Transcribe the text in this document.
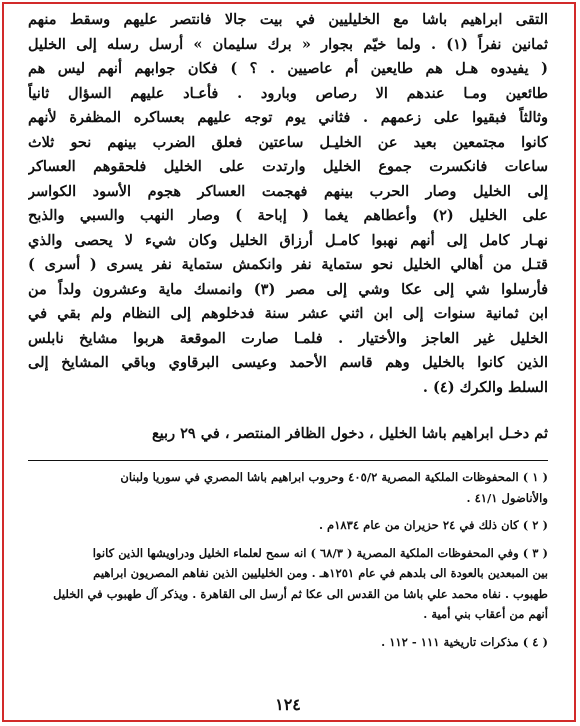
التقى ابراهيم باشا مع الخليليين في بيت جالا فانتصر عليهم وسقط منهم

ثمانين نفراً (١) . ولما خيّم بجوار « برك سليمان » أرسل رسله إلى الخليل

( يفيدوه هـل هم طايعين أم عاصيين . ؟ ) فكان جوابهم أنهم ليس هم

طائعين ومـا عندهم الا رصاص وبارود . فأعـاد عليهم السؤال ثانياً

وثالثاً فبقيوا على زعمهم . فثاني يوم توجه عليهم بعساكره المظفرة لأنهم

كانوا مجتمعين بعيد عن الخليـل ساعتين فعلق الضرب بينهم نحو ثلاث

ساعات فانكسرت جموع الخليل وارتدت على الخليل فلحقوهم العساكر

إلى الخليل وصار الحرب بينهم فهجمت العساكر هجوم الأسود الكواسر

على الخليل (٢) وأعطاهم يغما ( إباحة ) وصار النهب والسبي والذبح

نهـار كامل إلى أنهم نهبوا كامـل أرزاق الخليل وكان شيء لا يحصى والذي

قتـل من أهالي الخليل نحو ستماية نفر وانكمش ستماية نفر يسرى ( أسرى )

فأرسلوا شي إلى عكا وشي إلى مصر (٣) وانمسك ماية وعشرون ولداً من

ابن ثمانية سنوات إلى ابن اثني عشر سنة فدخلوهم إلى النظام ولم بقي في

الخليل غير العاجز والأختيار . فلمـا صارت الموقعة هربوا مشايخ نابلس

الذين كانوا بالخليل وهم قاسم الأحمد وعيسى البرقاوي وباقي المشايخ إلى

السلط والكرك (٤) .

ثم دخـل ابراهيم باشا الخليل ، دخول الظافر المنتصر ، في ٢٩ ربيع

( ١ ) المحفوظات الملكية المصرية ٤٠٥/٢ وحروب ابراهيم باشا المصري في سوريا ولبنان

والأناضول ٤١/١ .

( ٢ ) كان ذلك في ٢٤ حزيران من عام ١٨٣٤م .

( ٣ ) وفي المحفوظات الملكية المصرية ( ٦٨/٣ ) انه سمح لعلماء الخليل ودراويشها الذين كانوا

بين المبعدين بالعودة الى بلدهم في عام ١٢٥١هـ . ومن الخليليين الذين نفاهم المصريون ابراهيم

طهبوب . نفاه محمد علي باشا من القدس الى عكا ثم أرسل الى القاهرة . ويذكر آل طهبوب في الخليل

أنهم من أعقاب بني أمية .

( ٤ ) مذكرات تاريخية ١١١ - ١١٢ .

١٢٤
